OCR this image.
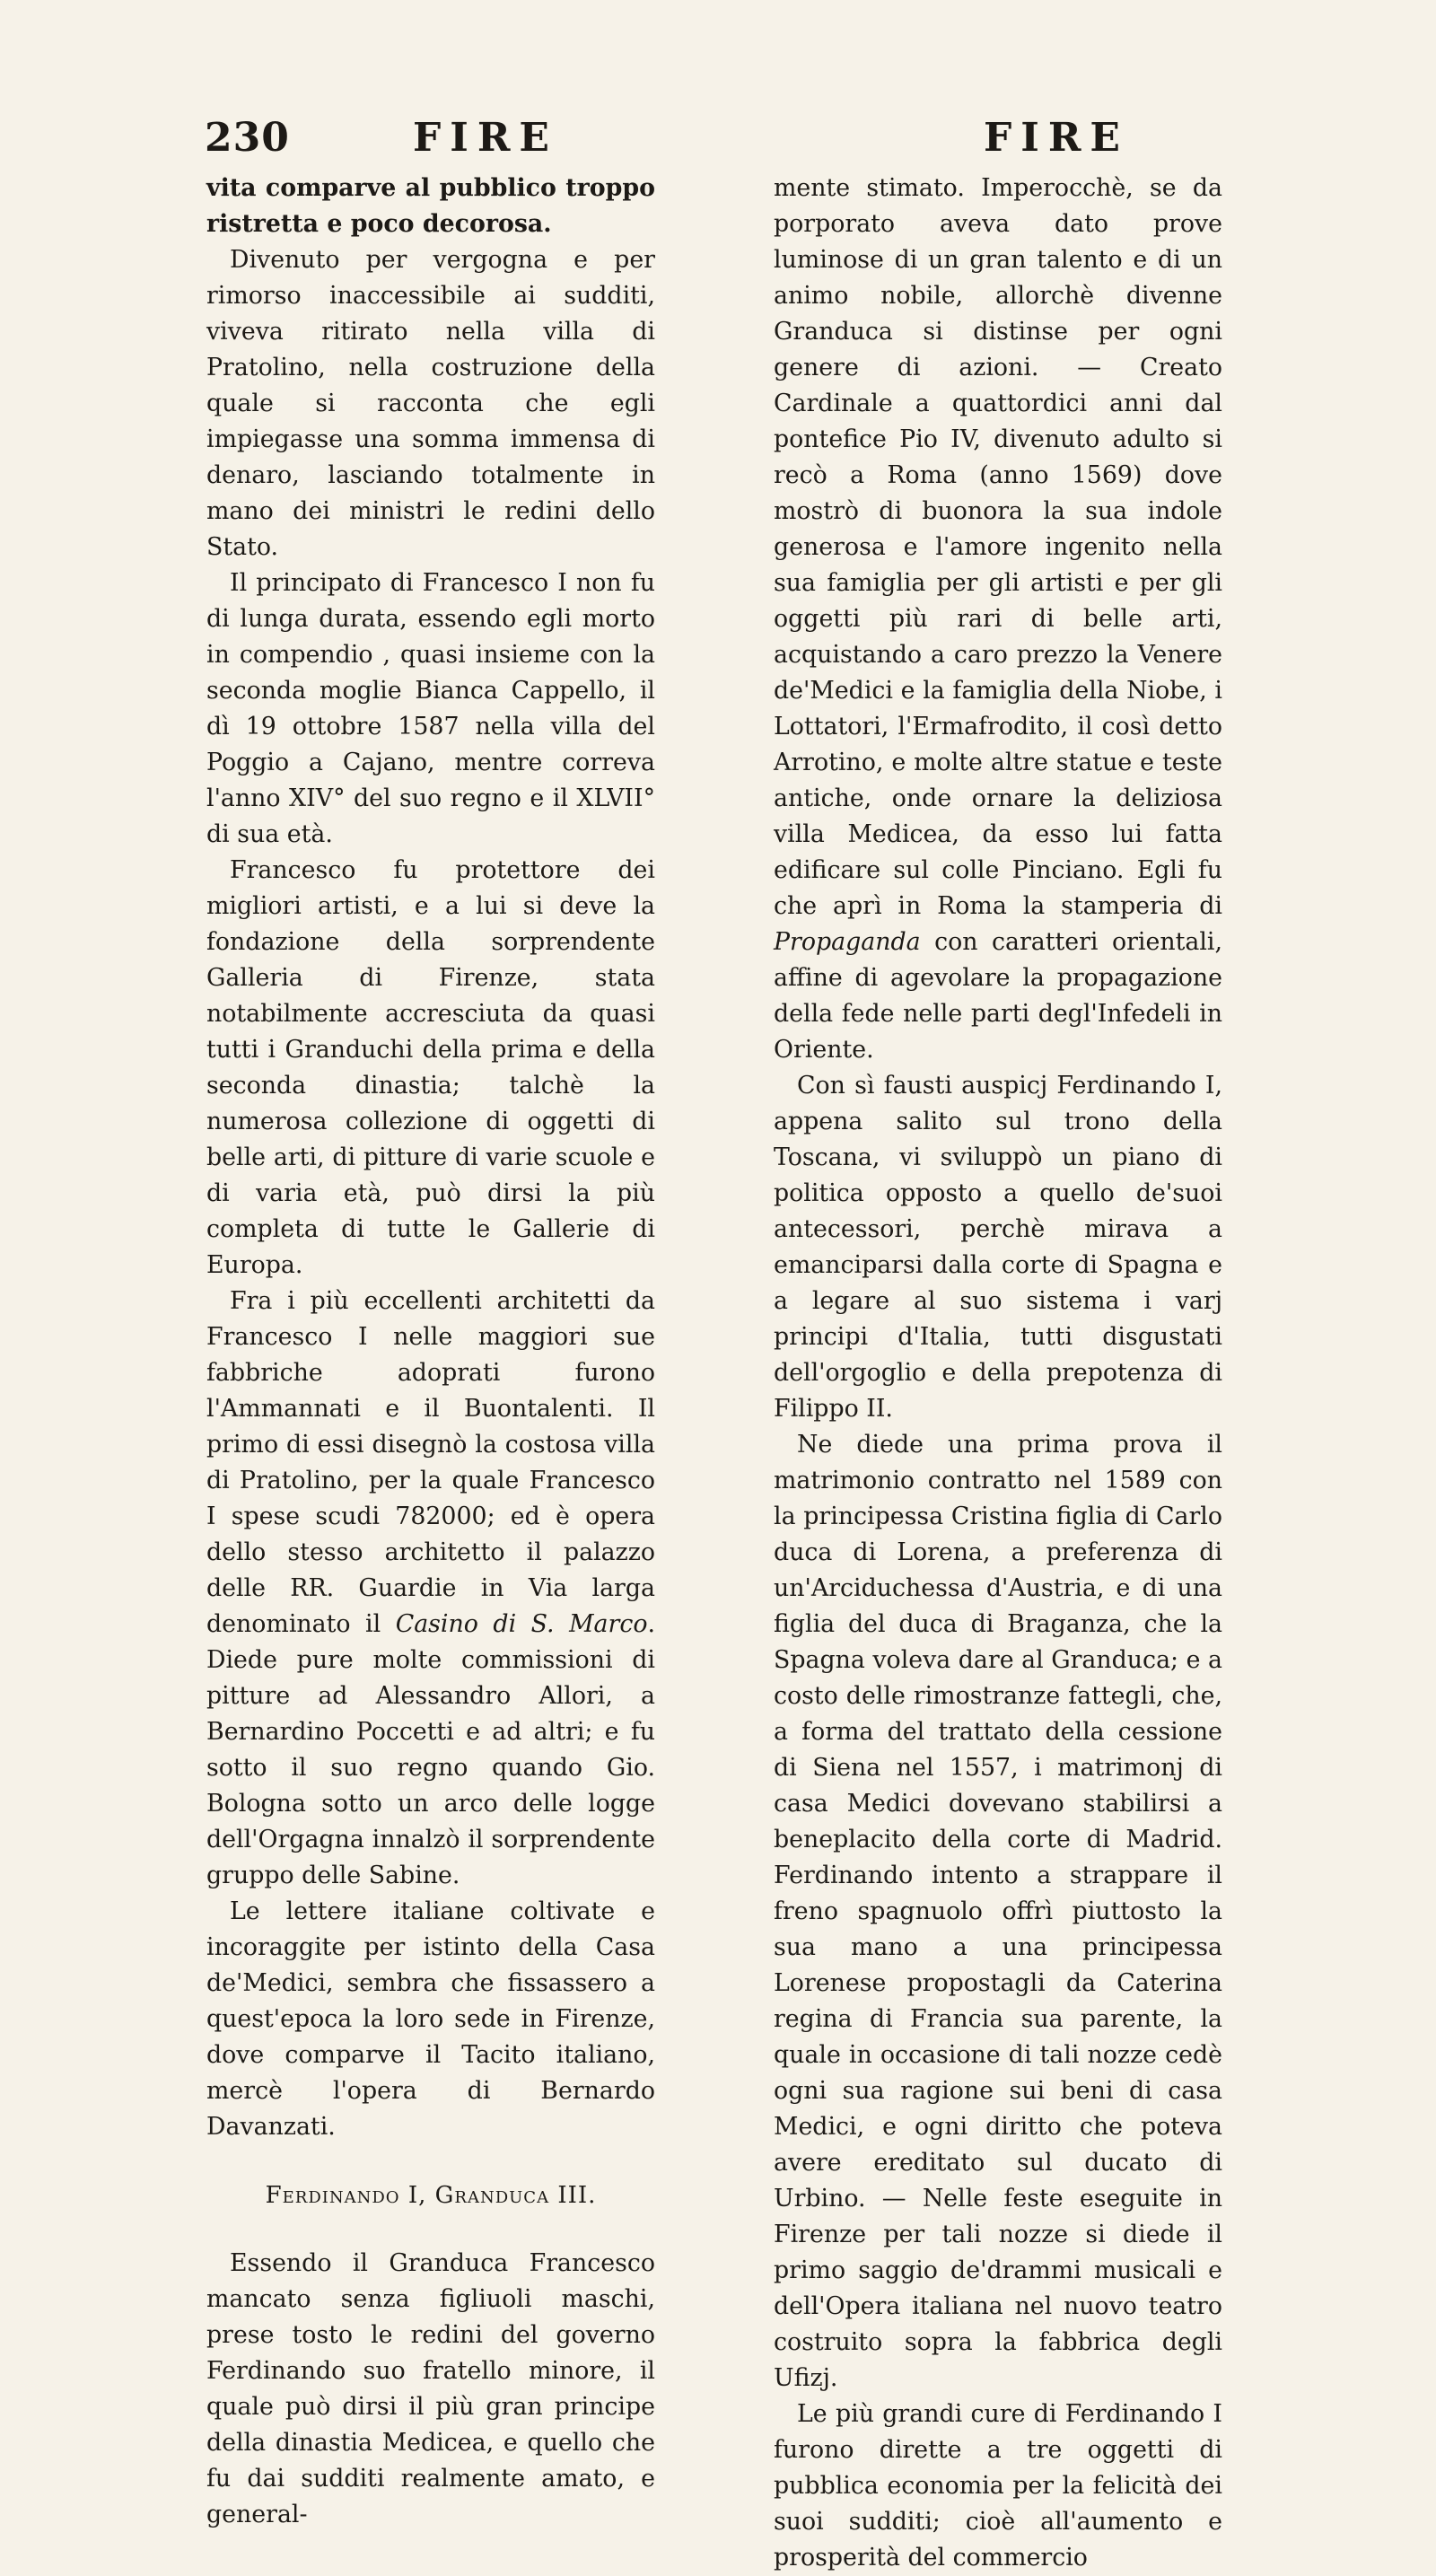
230	FIRE	FIRE

vita comparve al pubblico troppo ristretta e poco decorosa.

Divenuto per vergogna e per rimorso inaccessibile ai sudditi, viveva ritirato nella villa di Pratolino, nella costruzione della quale si racconta che egli impiegasse una somma immensa di denaro, lasciando totalmente in mano dei ministri le redini dello Stato.

Il principato di Francesco I non fu di lunga durata, essendo egli morto in compendio , quasi insieme con la seconda moglie Bianca Cappello, il dì 19 ottobre 1587 nella villa del Poggio a Cajano, mentre correva l'anno XIV° del suo regno e il XLVII° di sua età.

Francesco fu protettore dei migliori artisti, e a lui si deve la fondazione della sorprendente Galleria di Firenze, stata notabilmente accresciuta da quasi tutti i Granduchi della prima e della seconda dinastia; talchè la numerosa collezione di oggetti di belle arti, di pitture di varie scuole e di varia età, può dirsi la più completa di tutte le Gallerie di Europa.

Fra i più eccellenti architetti da Francesco I nelle maggiori sue fabbriche adoprati furono l'Ammannati e il Buontalenti. Il primo di essi disegnò la costosa villa di Pratolino, per la quale Francesco I spese scudi 782000; ed è opera dello stesso architetto il palazzo delle RR. Guardie in Via larga denominato il Casino di S. Marco. Diede pure molte commissioni di pitture ad Alessandro Allori, a Bernardino Poccetti e ad altri; e fu sotto il suo regno quando Gio. Bologna sotto un arco delle logge dell'Orgagna innalzò il sorprendente gruppo delle Sabine.

Le lettere italiane coltivate e incoraggite per istinto della Casa de'Medici, sembra che fissassero a quest'epoca la loro sede in Firenze, dove comparve il Tacito italiano, mercè l'opera di Bernardo Davanzati.

Ferdinando I, Granduca III.

Essendo il Granduca Francesco mancato senza figliuoli maschi, prese tosto le redini del governo Ferdinando suo fratello minore, il quale può dirsi il più gran principe della dinastia Medicea, e quello che fu dai sudditi realmente amato, e general-

mente stimato. Imperocchè, se da porporato aveva dato prove luminose di un gran talento e di un animo nobile, allorchè divenne Granduca si distinse per ogni genere di azioni. — Creato Cardinale a quattordici anni dal pontefice Pio IV, divenuto adulto si recò a Roma (anno 1569) dove mostrò di buonora la sua indole generosa e l'amore ingenito nella sua famiglia per gli artisti e per gli oggetti più rari di belle arti, acquistando a caro prezzo la Venere de'Medici e la famiglia della Niobe, i Lottatori, l'Ermafrodito, il così detto Arrotino, e molte altre statue e teste antiche, onde ornare la deliziosa villa Medicea, da esso lui fatta edificare sul colle Pinciano. Egli fu che aprì in Roma la stamperia di Propaganda con caratteri orientali, affine di agevolare la propagazione della fede nelle parti degl'Infedeli in Oriente.

Con sì fausti auspicj Ferdinando I, appena salito sul trono della Toscana, vi sviluppò un piano di politica opposto a quello de'suoi antecessori, perchè mirava a emanciparsi dalla corte di Spagna e a legare al suo sistema i varj principi d'Italia, tutti disgustati dell'orgoglio e della prepotenza di Filippo II.

Ne diede una prima prova il matrimonio contratto nel 1589 con la principessa Cristina figlia di Carlo duca di Lorena, a preferenza di un'Arciduchessa d'Austria, e di una figlia del duca di Braganza, che la Spagna voleva dare al Granduca; e a costo delle rimostranze fattegli, che, a forma del trattato della cessione di Siena nel 1557, i matrimonj di casa Medici dovevano stabilirsi a beneplacito della corte di Madrid. Ferdinando intento a strappare il freno spagnuolo offrì piuttosto la sua mano a una principessa Lorenese propostagli da Caterina regina di Francia sua parente, la quale in occasione di tali nozze cedè ogni sua ragione sui beni di casa Medici, e ogni diritto che poteva avere ereditato sul ducato di Urbino. — Nelle feste eseguite in Firenze per tali nozze si diede il primo saggio de'drammi musicali e dell'Opera italiana nel nuovo teatro costruito sopra la fabbrica degli Ufizj.

Le più grandi cure di Ferdinando I furono dirette a tre oggetti di pubblica economia per la felicità dei suoi sudditi; cioè all'aumento e prosperità del commercio
